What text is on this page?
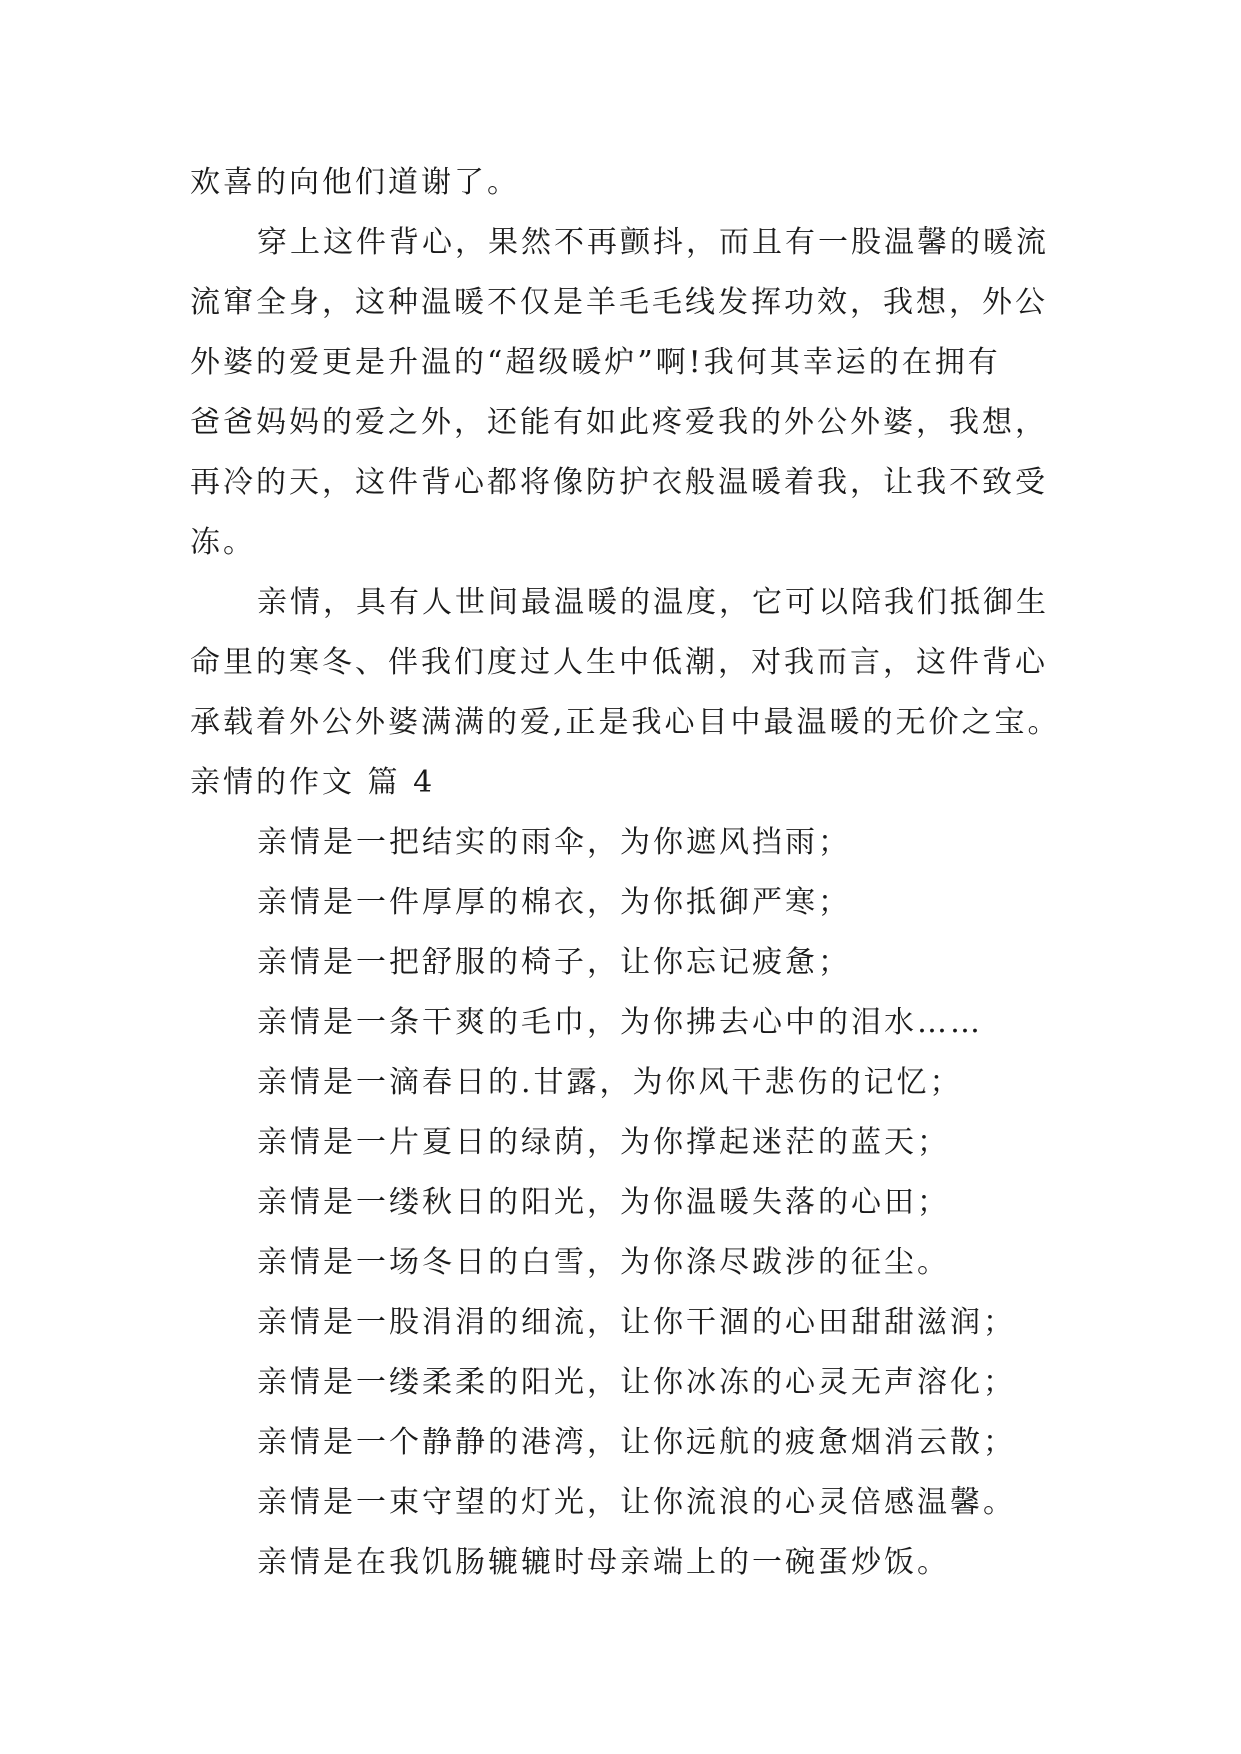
欢喜的向他们道谢了。
穿上这件背心，果然不再颤抖，而且有一股温馨的暖流
流窜全身，这种温暖不仅是羊毛毛线发挥功效，我想，外公
外婆的爱更是升温的“超级暖炉”啊!我何其幸运的在拥有
爸爸妈妈的爱之外，还能有如此疼爱我的外公外婆，我想，
再冷的天，这件背心都将像防护衣般温暖着我，让我不致受
冻。
亲情，具有人世间最温暖的温度，它可以陪我们抵御生
命里的寒冬、伴我们度过人生中低潮，对我而言，这件背心
承载着外公外婆满满的爱,正是我心目中最温暖的无价之宝。
亲情的作文 篇 4
亲情是一把结实的雨伞，为你遮风挡雨；
亲情是一件厚厚的棉衣，为你抵御严寒；
亲情是一把舒服的椅子，让你忘记疲惫；
亲情是一条干爽的毛巾，为你拂去心中的泪水……
亲情是一滴春日的.甘露，为你风干悲伤的记忆；
亲情是一片夏日的绿荫，为你撑起迷茫的蓝天；
亲情是一缕秋日的阳光，为你温暖失落的心田；
亲情是一场冬日的白雪，为你涤尽跋涉的征尘。
亲情是一股涓涓的细流，让你干涸的心田甜甜滋润；
亲情是一缕柔柔的阳光，让你冰冻的心灵无声溶化；
亲情是一个静静的港湾，让你远航的疲惫烟消云散；
亲情是一束守望的灯光，让你流浪的心灵倍感温馨。
亲情是在我饥肠辘辘时母亲端上的一碗蛋炒饭。
